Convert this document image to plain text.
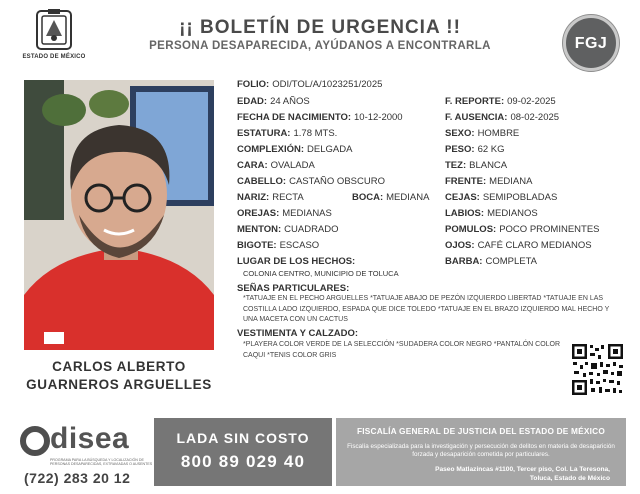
ESTADO DE MÉXICO
¡¡ BOLETÍN DE URGENCIA !!
PERSONA DESAPARECIDA, AYÚDANOS A ENCONTRARLA	FGJ
CARLOS ALBERTO
GUARNEROS ARGUELLES
FOLIO: ODI/TOL/A/1023251/2025
EDAD: 24 AÑOS	F. REPORTE: 09-02-2025
FECHA DE NACIMIENTO: 10-12-2000	F. AUSENCIA: 08-02-2025
ESTATURA: 1.78 MTS.	SEXO: HOMBRE
COMPLEXIÓN: DELGADA	PESO: 62 KG
CARA: OVALADA	TEZ: BLANCA
CABELLO: CASTAÑO OBSCURO	FRENTE: MEDIANA
NARIZ: RECTA	BOCA: MEDIANA CEJAS: SEMIPOBLADAS
OREJAS: MEDIANAS	LABIOS: MEDIANOS
MENTON: CUADRADO	POMULOS: POCO PROMINENTES
BIGOTE: ESCASO	OJOS: CAFÉ CLARO MEDIANOS
LUGAR DE LOS HECHOS:	BARBA: COMPLETA
COLONIA CENTRO, MUNICIPIO DE TOLUCA
SEÑAS PARTICULARES:
*TATUAJE EN EL PECHO ARGUELLES *TATUAJE ABAJO DE PEZÓN IZQUIERDO LIBERTAD *TATUAJE EN LAS COSTILLA LADO IZQUIERDO, ESPADA QUE DICE TOLEDO *TATUAJE EN EL BRAZO IZQUIERDO MAL HECHO Y UNA MACETA CON UN CACTUS
VESTIMENTA Y CALZADO:
*PLAYERA COLOR VERDE DE LA SELECCIÓN *SUDADERA COLOR NEGRO *PANTALÓN COLOR CAQUI *TENIS COLOR GRIS
disea
PROGRAMA PARA LA BÚSQUEDA Y LOCALIZACIÓN DE PERSONAS DESAPARECIDAS, EXTRAVIADAS O AUSENTES
(722) 283 20 12
LADA SIN COSTO
800 89 029 40
FISCALÍA GENERAL DE JUSTICIA DEL ESTADO DE MÉXICO
Fiscalía especializada para la investigación y persecución de delitos en materia de desaparición forzada y desaparición cometida por particulares.
Paseo Matlazincas #1100, Tercer piso, Col. La Teresona,
Toluca, Estado de México
